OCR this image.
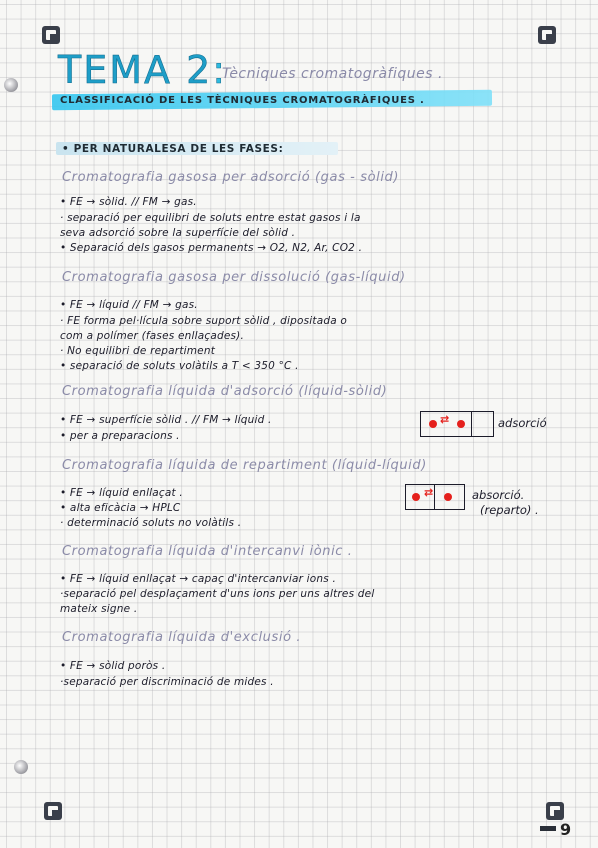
TEMA 2:
Tècniques cromatogràfiques .
CLASSIFICACIÓ DE LES TÈCNIQUES CROMATOGRÀFIQUES .
• PER NATURALESA DE LES FASES:
Cromatografia gasosa per adsorció (gas - sòlid)
• FE → sòlid. // FM → gas.
· separació per equilibri de soluts entre estat gasos i la
seva adsorció sobre la superfície del sòlid .
• Separació dels gasos permanents → O2, N2, Ar, CO2 .
Cromatografia gasosa per dissolució (gas-líquid)
• FE → líquid // FM → gas.
· FE forma pel·lícula sobre suport sòlid , dipositada o
com a polímer (fases enllaçades).
· No equilibri de repartiment
• separació de soluts volàtils a T < 350 °C .
Cromatografia líquida d'adsorció (líquid-sòlid)
• FE → superfície sòlid . // FM → líquid .
• per a preparacions .
⇄	adsorció
Cromatografia líquida de repartiment (líquid-líquid)
• FE → líquid enllaçat .
• alta eficàcia → HPLC
· determinació soluts no volàtils .
⇄	absorció.
(reparto) .
Cromatografia líquida d'intercanvi iònic .
• FE → líquid enllaçat → capaç d'intercanviar ions .
·separació pel desplaçament d'uns ions per uns altres del
mateix signe .
Cromatografia líquida d'exclusió .
• FE → sòlid poròs .
·separació per discriminació de mides .
9
